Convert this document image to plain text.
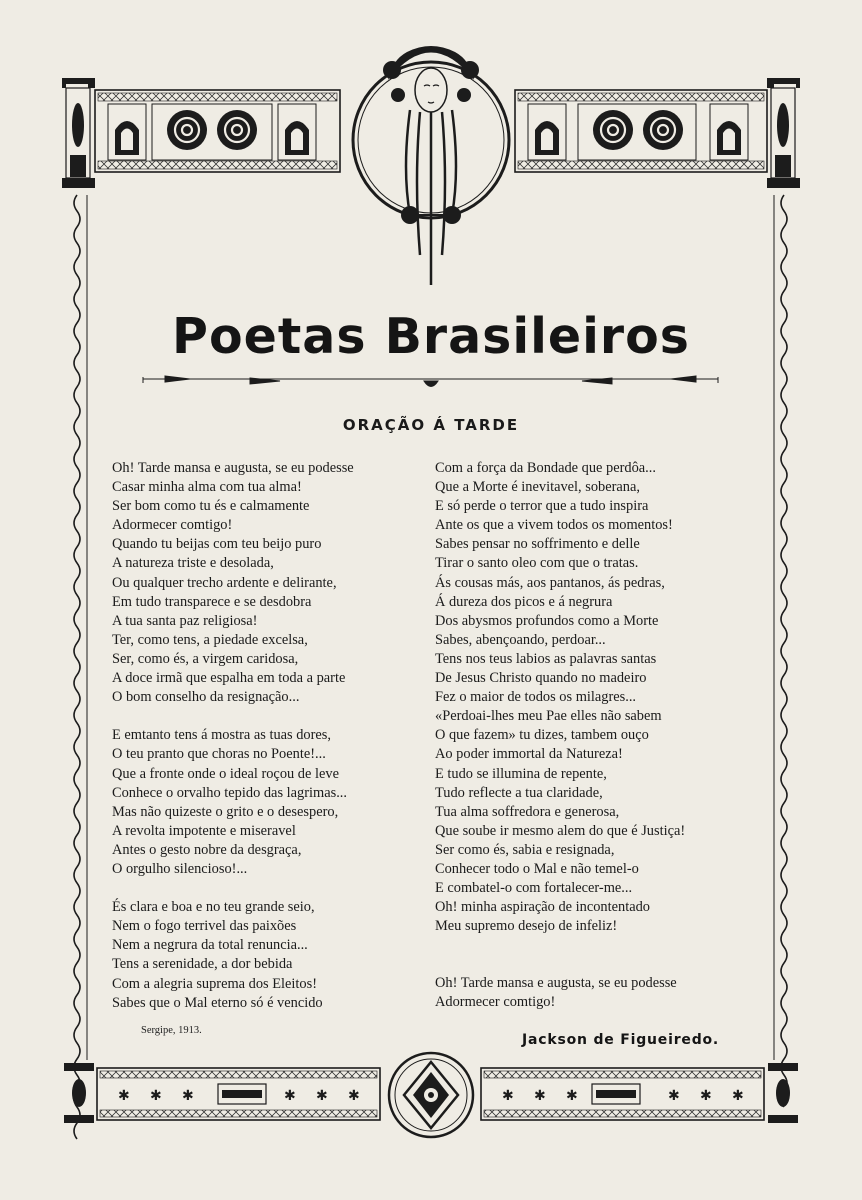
✱ ✱ ✱	✱ ✱ ✱	✱ ✱ ✱	✱ ✱ ✱
Poetas Brasileiros
ORAÇÃO Á TARDE
Oh! Tarde mansa e augusta, se eu podesse
Casar minha alma com tua alma!
Ser bom como tu és e calmamente
Adormecer comtigo!
Quando tu beijas com teu beijo puro
A natureza triste e desolada,
Ou qualquer trecho ardente e delirante,
Em tudo transparece e se desdobra
A tua santa paz religiosa!
Ter, como tens, a piedade excelsa,
Ser, como és, a virgem caridosa,
A doce irmã que espalha em toda a parte
O bom conselho da resignação...
E emtanto tens á mostra as tuas dores,
O teu pranto que choras no Poente!...
Que a fronte onde o ideal roçou de leve
Conhece o orvalho tepido das lagrimas...
Mas não quizeste o grito e o desespero,
A revolta impotente e miseravel
Antes o gesto nobre da desgraça,
O orgulho silencioso!...
És clara e boa e no teu grande seio,
Nem o fogo terrivel das paixões
Nem a negrura da total renuncia...
Tens a serenidade, a dor bebida
Com a alegria suprema dos Eleitos!
Sabes que o Mal eterno só é vencido
Com a força da Bondade que perdôa...
Que a Morte é inevitavel, soberana,
E só perde o terror que a tudo inspira
Ante os que a vivem todos os momentos!
Sabes pensar no soffrimento e delle
Tirar o santo oleo com que o tratas.
Ás cousas más, aos pantanos, ás pedras,
Á dureza dos picos e á negrura
Dos abysmos profundos como a Morte
Sabes, abençoando, perdoar...
Tens nos teus labios as palavras santas
De Jesus Christo quando no madeiro
Fez o maior de todos os milagres...
«Perdoai-lhes meu Pae elles não sabem
O que fazem» tu dizes, tambem ouço
Ao poder immortal da Natureza!
E tudo se illumina de repente,
Tudo reflecte a tua claridade,
Tua alma soffredora e generosa,
Que soube ir mesmo alem do que é Justiça!
Ser como és, sabia e resignada,
Conhecer todo o Mal e não temel-o
E combatel-o com fortalecer-me...
Oh! minha aspiração de incontentado
Meu supremo desejo de infeliz!
Oh! Tarde mansa e augusta, se eu podesse
Adormecer comtigo!
Sergipe, 1913.
Jackson de Figueiredo.
